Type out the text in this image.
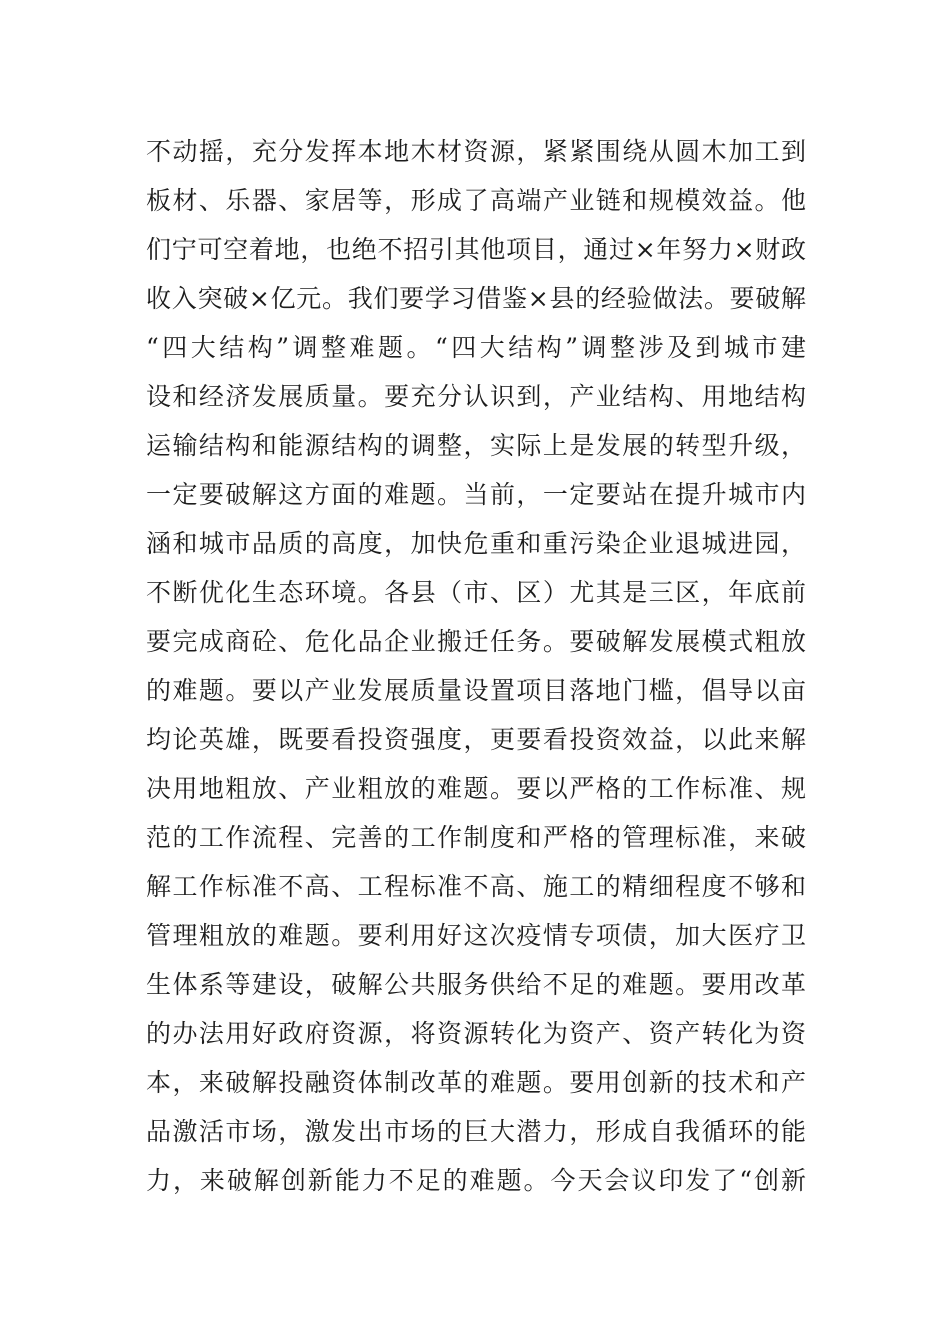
不动摇，充分发挥本地木材资源，紧紧围绕从圆木加工到
板材、乐器、家居等，形成了高端产业链和规模效益。他
们宁可空着地，也绝不招引其他项目，通过×年努力×财政
收入突破×亿元。我们要学习借鉴×县的经验做法。要破解
“四大结构”调整难题。“四大结构”调整涉及到城市建
设和经济发展质量。要充分认识到，产业结构、用地结构
运输结构和能源结构的调整，实际上是发展的转型升级，
一定要破解这方面的难题。当前，一定要站在提升城市内
涵和城市品质的高度，加快危重和重污染企业退城进园，
不断优化生态环境。各县（市、区）尤其是三区，年底前
要完成商砼、危化品企业搬迁任务。要破解发展模式粗放
的难题。要以产业发展质量设置项目落地门槛，倡导以亩
均论英雄，既要看投资强度，更要看投资效益，以此来解
决用地粗放、产业粗放的难题。要以严格的工作标准、规
范的工作流程、完善的工作制度和严格的管理标准，来破
解工作标准不高、工程标准不高、施工的精细程度不够和
管理粗放的难题。要利用好这次疫情专项债，加大医疗卫
生体系等建设，破解公共服务供给不足的难题。要用改革
的办法用好政府资源，将资源转化为资产、资产转化为资
本，来破解投融资体制改革的难题。要用创新的技术和产
品激活市场，激发出市场的巨大潜力，形成自我循环的能
力，来破解创新能力不足的难题。今天会议印发了“创新
